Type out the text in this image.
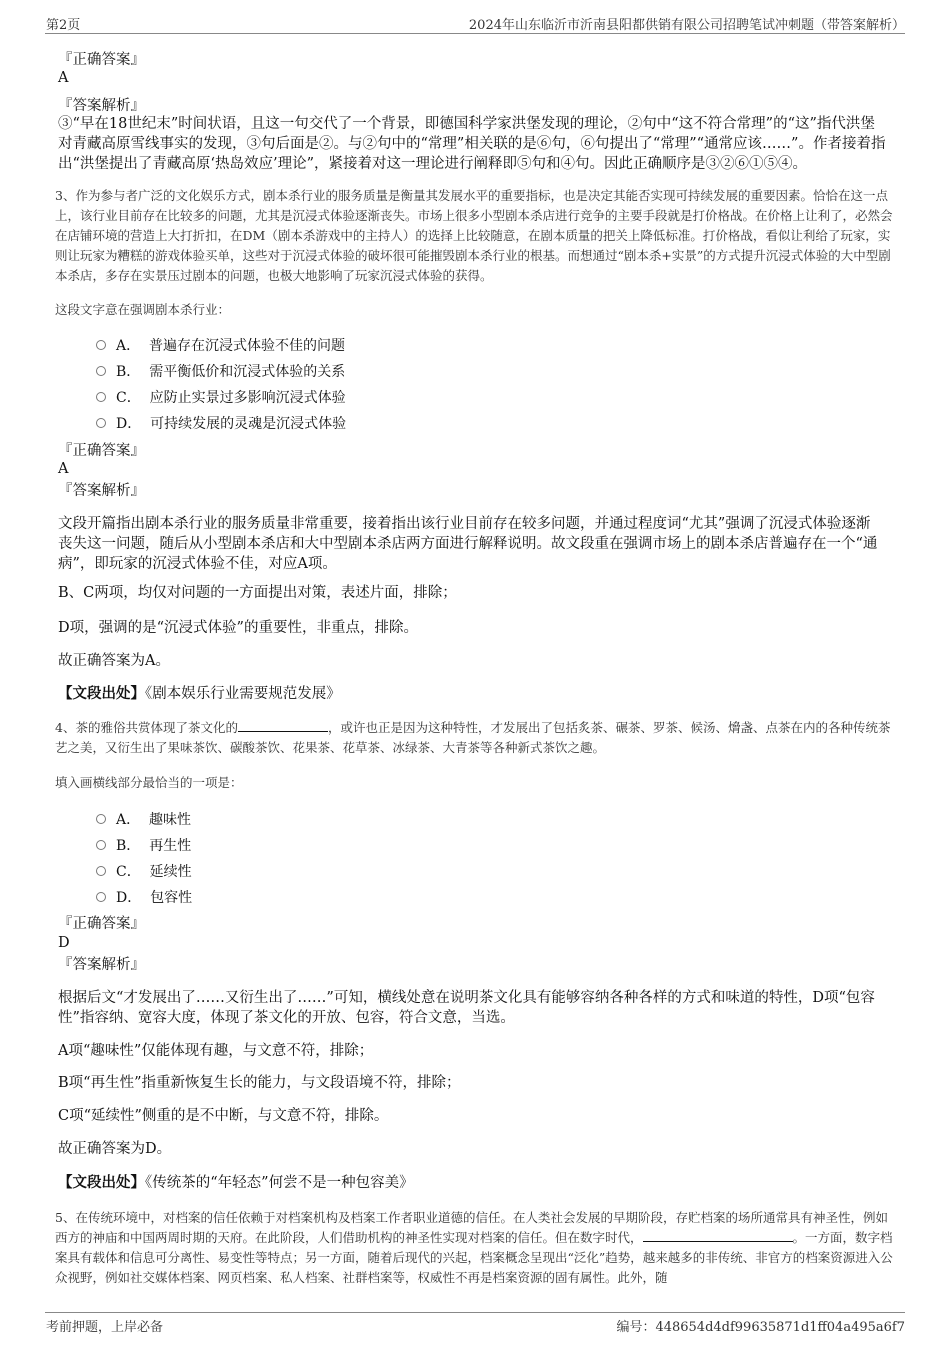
第2页	2024年山东临沂市沂南县阳都供销有限公司招聘笔试冲刺题（带答案解析）
『正确答案』
A
『答案解析』
③“早在18世纪末”时间状语，且这一句交代了一个背景，即德国科学家洪堡发现的理论，②句中“这不符合常理”的“这”指代洪堡对青藏高原雪线事实的发现，③句后面是②。与②句中的“常理”相关联的是⑥句，⑥句提出了“常理”“通常应该……”。作者接着指出“洪堡提出了青藏高原‘热岛效应’理论”，紧接着对这一理论进行阐释即⑤句和④句。因此正确顺序是③②⑥①⑤④。
3、作为参与者广泛的文化娱乐方式，剧本杀行业的服务质量是衡量其发展水平的重要指标，也是决定其能否实现可持续发展的重要因素。恰恰在这一点上，该行业目前存在比较多的问题，尤其是沉浸式体验逐渐丧失。市场上很多小型剧本杀店进行竞争的主要手段就是打价格战。在价格上让利了，必然会在店铺环境的营造上大打折扣，在DM（剧本杀游戏中的主持人）的选择上比较随意，在剧本质量的把关上降低标准。打价格战，看似让利给了玩家，实则让玩家为糟糕的游戏体验买单，这些对于沉浸式体验的破坏很可能摧毁剧本杀行业的根基。而想通过“剧本杀+实景”的方式提升沉浸式体验的大中型剧本杀店，多存在实景压过剧本的问题，也极大地影响了玩家沉浸式体验的获得。
这段文字意在强调剧本杀行业：
A． 普遍存在沉浸式体验不佳的问题
B． 需平衡低价和沉浸式体验的关系
C． 应防止实景过多影响沉浸式体验
D． 可持续发展的灵魂是沉浸式体验
『正确答案』
A
『答案解析』
文段开篇指出剧本杀行业的服务质量非常重要，接着指出该行业目前存在较多问题，并通过程度词“尤其”强调了沉浸式体验逐渐丧失这一问题，随后从小型剧本杀店和大中型剧本杀店两方面进行解释说明。故文段重在强调市场上的剧本杀店普遍存在一个“通病”，即玩家的沉浸式体验不佳，对应A项。
B、C两项，均仅对问题的一方面提出对策，表述片面，排除；
D项，强调的是“沉浸式体验”的重要性，非重点，排除。
故正确答案为A。
【文段出处】《剧本娱乐行业需要规范发展》
4、茶的雅俗共赏体现了茶文化的	，或许也正是因为这种特性，才发展出了包括炙茶、碾茶、罗茶、候汤、熁盏、点茶在内的各种传统茶艺之美，又衍生出了果味茶饮、碳酸茶饮、花果茶、花草茶、冰绿茶、大青茶等各种新式茶饮之趣。
填入画横线部分最恰当的一项是：
A． 趣味性
B． 再生性
C． 延续性
D． 包容性
『正确答案』
D
『答案解析』
根据后文“才发展出了……又衍生出了……”可知，横线处意在说明茶文化具有能够容纳各种各样的方式和味道的特性，D项“包容性”指容纳、宽容大度，体现了茶文化的开放、包容，符合文意，当选。
A项“趣味性”仅能体现有趣，与文意不符，排除；
B项“再生性”指重新恢复生长的能力，与文段语境不符，排除；
C项“延续性”侧重的是不中断，与文意不符，排除。
故正确答案为D。
【文段出处】《传统茶的“年轻态”何尝不是一种包容美》
5、在传统环境中，对档案的信任依赖于对档案机构及档案工作者职业道德的信任。在人类社会发展的早期阶段，存贮档案的场所通常具有神圣性，例如西方的神庙和中国两周时期的天府。在此阶段，人们借助机构的神圣性实现对档案的信任。但在数字时代，	。一方面，数字档案具有载体和信息可分离性、易变性等特点；另一方面，随着后现代的兴起，档案概念呈现出“泛化”趋势，越来越多的非传统、非官方的档案资源进入公众视野，例如社交媒体档案、网页档案、私人档案、社群档案等，权威性不再是档案资源的固有属性。此外，随
考前押题，上岸必备	编号：448654d4df99635871d1ff04a495a6f7
